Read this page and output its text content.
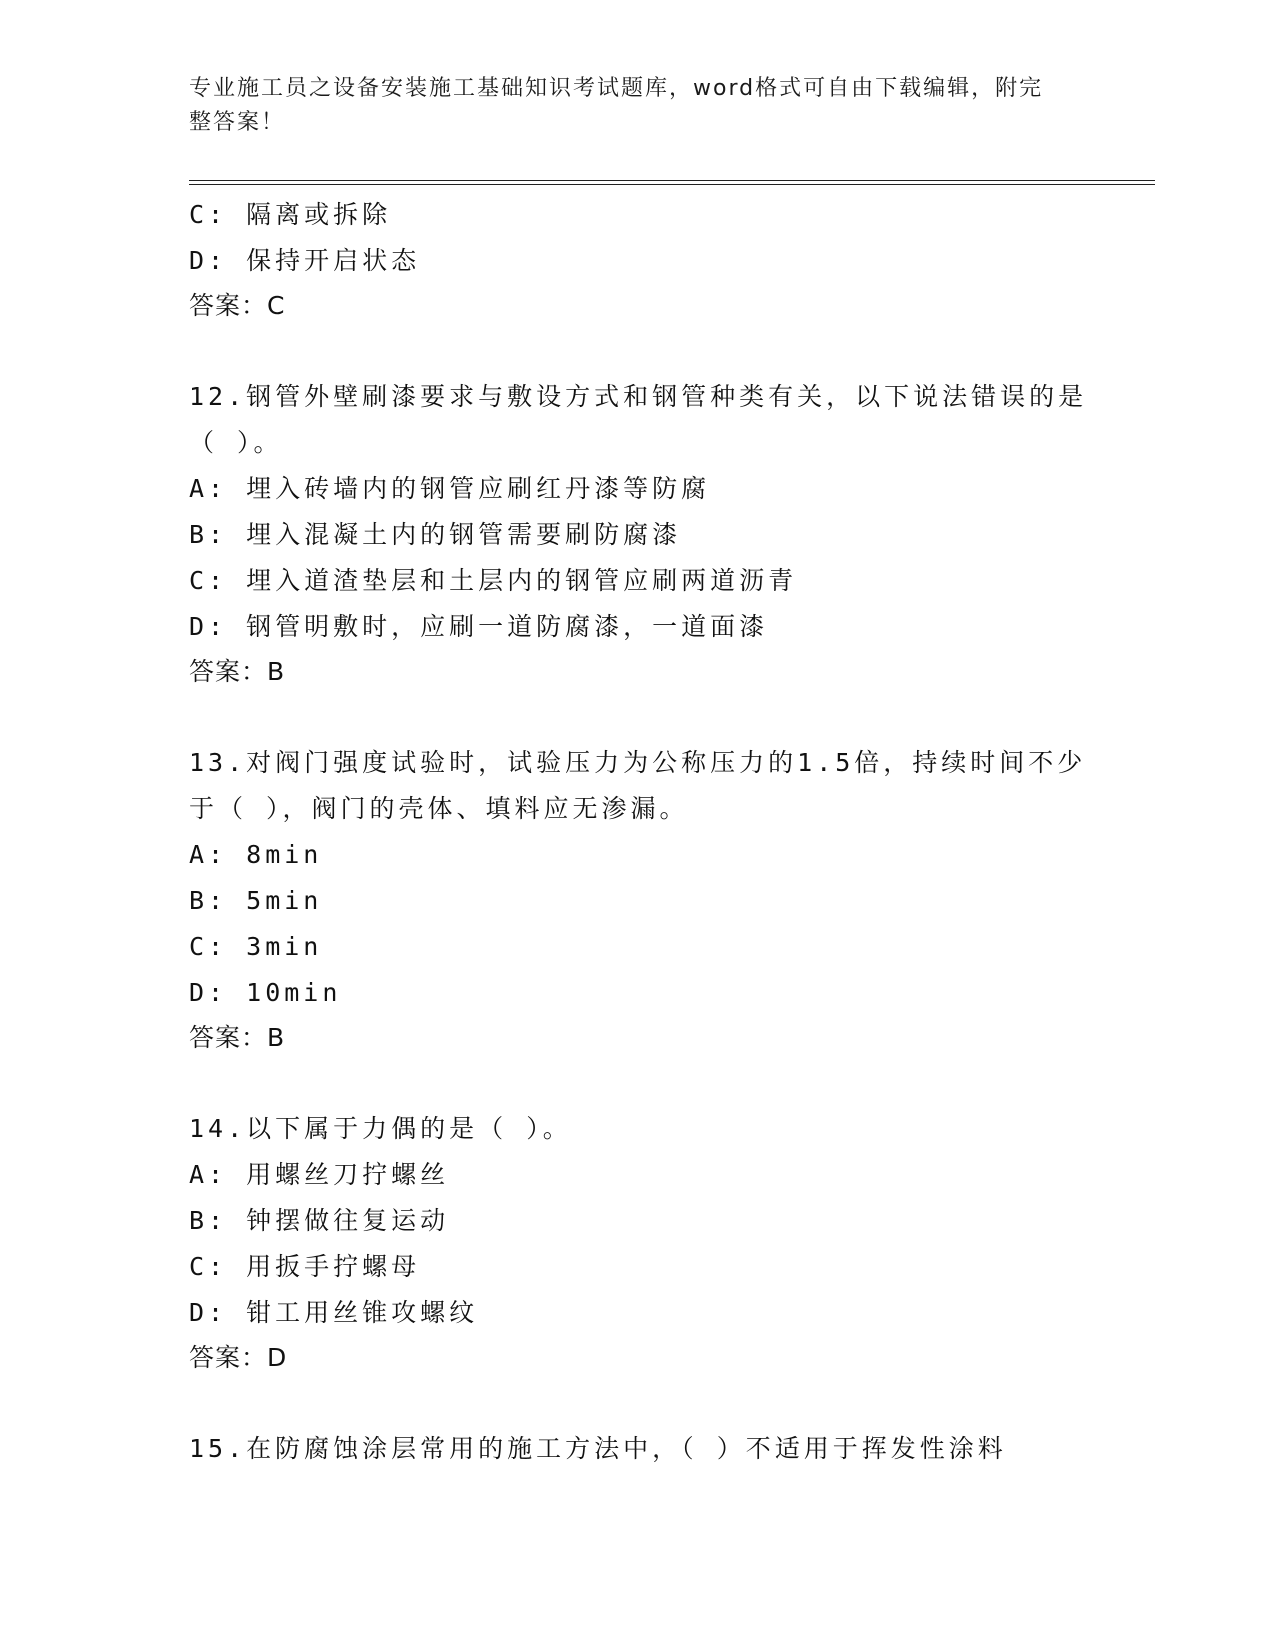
专业施工员之设备安装施工基础知识考试题库，word格式可自由下载编辑，附完
整答案！
C: 隔离或拆除
D: 保持开启状态
答案：C
12.钢管外壁刷漆要求与敷设方式和钢管种类有关，以下说法错误的是
（ ）。
A: 埋入砖墙内的钢管应刷红丹漆等防腐
B: 埋入混凝土内的钢管需要刷防腐漆
C: 埋入道渣垫层和土层内的钢管应刷两道沥青
D: 钢管明敷时，应刷一道防腐漆，一道面漆
答案：B
13.对阀门强度试验时，试验压力为公称压力的1.5倍，持续时间不少
于（ ），阀门的壳体、填料应无渗漏。
A: 8min
B: 5min
C: 3min
D: 10min
答案：B
14.以下属于力偶的是（ ）。
A: 用螺丝刀拧螺丝
B: 钟摆做往复运动
C: 用扳手拧螺母
D: 钳工用丝锥攻螺纹
答案：D
15.在防腐蚀涂层常用的施工方法中，（ ）不适用于挥发性涂料
